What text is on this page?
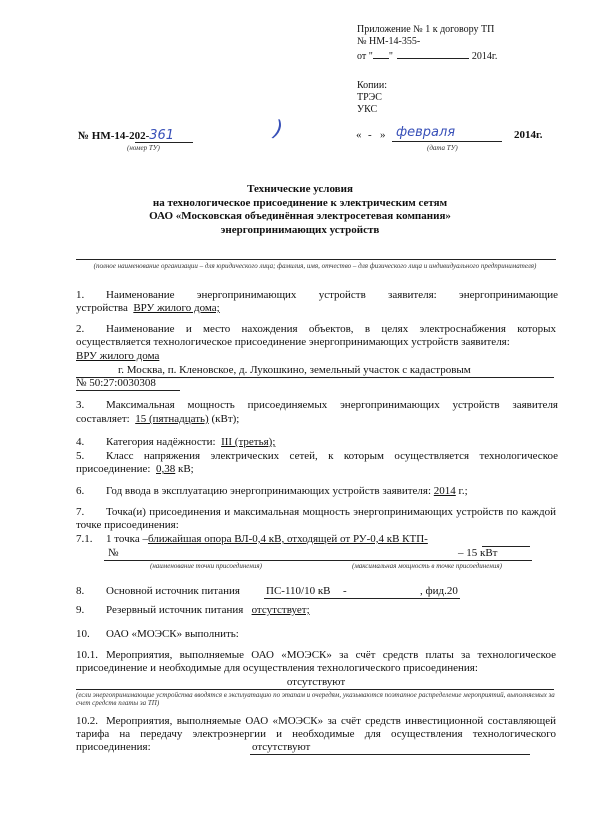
Приложение № 1 к договору ТП
№ НМ-14-355-
от " "	2014г.
Копии:
ТРЭС
УКС
№ НМ-14-202-361
(номер ТУ)
)	« - » февраля	2014г.
(дата ТУ)
Технические условия
на технологическое присоединение к электрическим сетям
ОАО «Московская объединённая электросетевая компания»
энергопринимающих устройств
(полное наименование организации – для юридического лица; фамилия, имя, отчество – для физического лица и индивидуального предпринимателя)
1. Наименование энергопринимающих устройств заявителя: энергопринимающие
устройства ВРУ жилого дома;
2.	Наименование и место нахождения объектов, в целях электроснабжения которых осуществляется технологическое присоединение энергопринимающих устройств заявителя:
ВРУ жилого дома
г. Москва, п. Кленовское, д. Лукошкино, земельный участок с кадастровым
№ 50:27:0030308
3. Максимальная мощность присоединяемых энергопринимающих устройств заявителя
составляет: 15 (пятнадцать) (кВт);
4. Категория надёжности: III (третья);
5. Класс напряжения электрических сетей, к которым осуществляется технологическое
присоединение: 0,38 кВ;
6. Год ввода в эксплуатацию энергопринимающих устройств заявителя: 2014 г.;
7.	Точка(и) присоединения и максимальная мощность энергопринимающих устройств по каждой точке присоединения:
7.1. 1 точка –ближайшая опора ВЛ-0,4 кВ, отходящей от РУ-0,4 кВ КТП-
№	– 15 кВт
(наименование точки присоединения)	(максимальная мощность в точке присоединения)
8. Основной источник питания ПС-110/10 кВ -	, фид.20
9. Резервный источник питания отсутствует;
10. ОАО «МОЭСК» выполнить:
10.1. Мероприятия, выполняемые ОАО «МОЭСК» за счёт средств платы за технологическое присоединение и необходимые для осуществления технологического присоединения:
отсутствуют
(если энергопринимающие устройства вводятся в эксплуатацию по этапам и очередям, указываются поэтапное распределение мероприятий, выполняемых за счет средств платы за ТП)
10.2. Мероприятия, выполняемые ОАО «МОЭСК» за счёт средств инвестиционной составляющей тарифа на передачу электроэнергии и необходимые для осуществления технологического присоединения:	отсутствуют
